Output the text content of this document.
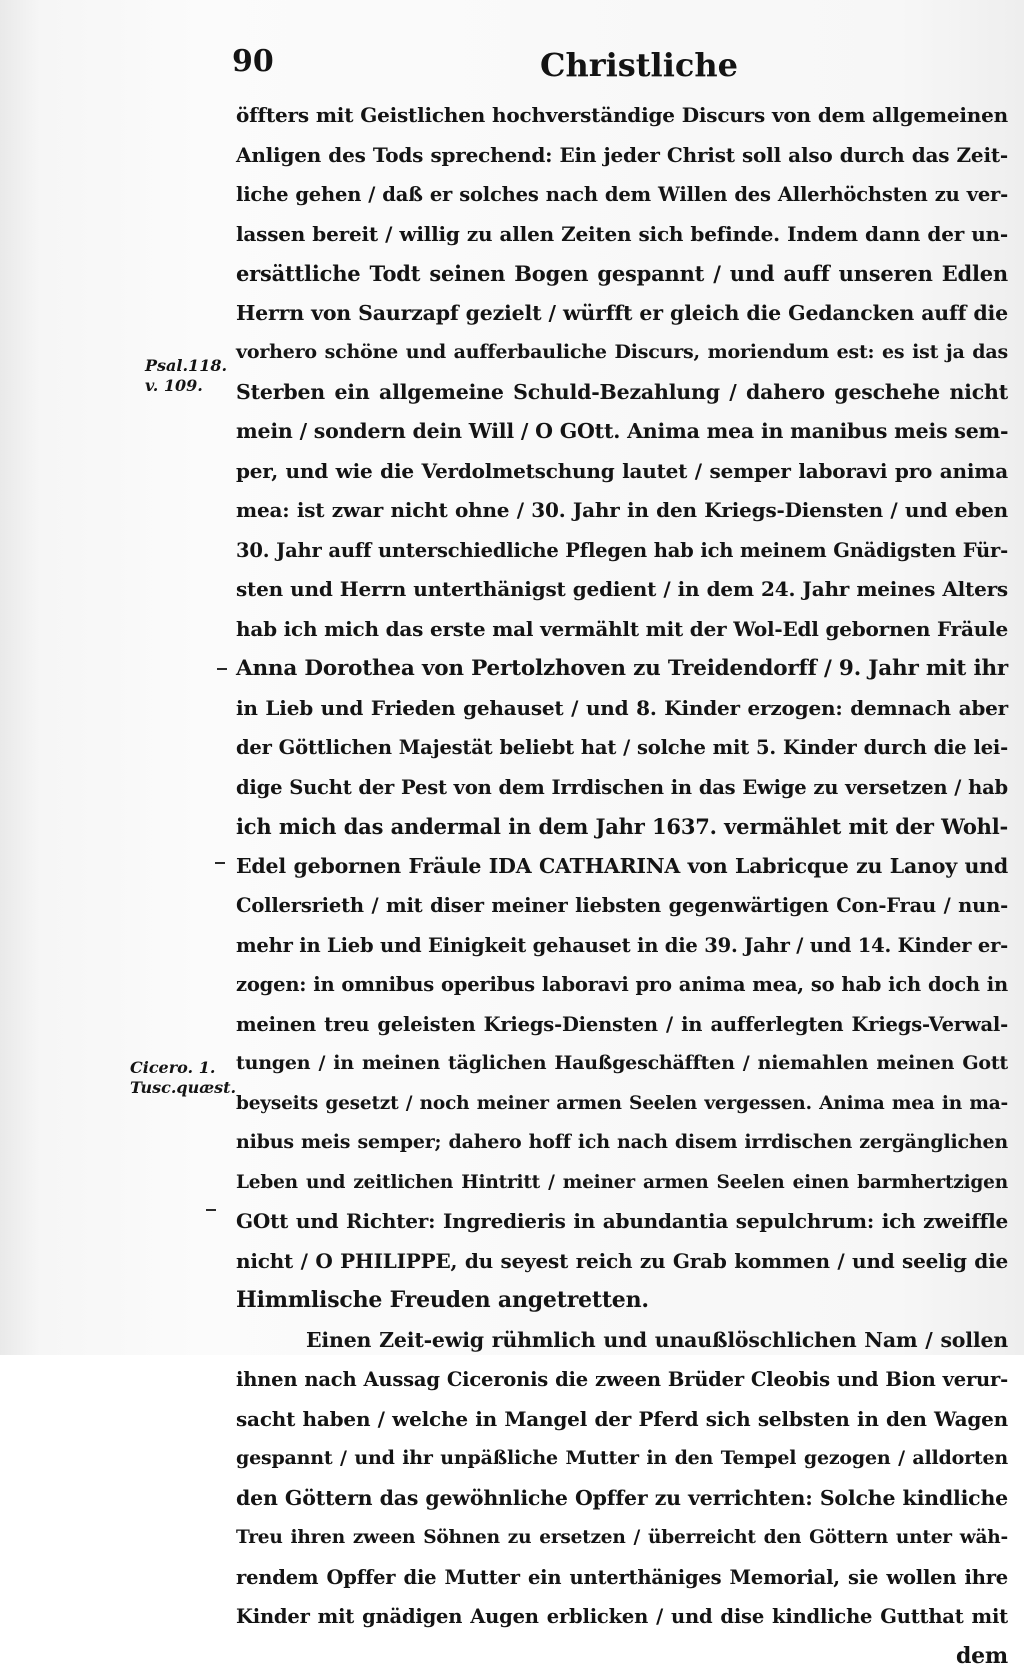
90	Christliche
Psal.118.
v. 109.
Cicero. 1.
Tusc.quæst.
öffters mit Geistlichen hochverständige Discurs von dem allgemeinen
Anligen des Tods sprechend: Ein jeder Christ soll also durch das Zeit-
liche gehen / daß er solches nach dem Willen des Allerhöchsten zu ver-
lassen bereit / willig zu allen Zeiten sich befinde. Indem dann der un-
ersättliche Todt seinen Bogen gespannt / und auff unseren Edlen
Herrn von Saurzapf gezielt / würfft er gleich die Gedancken auff die
vorhero schöne und aufferbauliche Discurs, moriendum est: es ist ja das
Sterben ein allgemeine Schuld-Bezahlung / dahero geschehe nicht
mein / sondern dein Will / O GOtt. Anima mea in manibus meis sem-
per, und wie die Verdolmetschung lautet / semper laboravi pro anima
mea: ist zwar nicht ohne / 30. Jahr in den Kriegs-Diensten / und eben
30. Jahr auff unterschiedliche Pflegen hab ich meinem Gnädigsten Für-
sten und Herrn unterthänigst gedient / in dem 24. Jahr meines Alters
hab ich mich das erste mal vermählt mit der Wol-Edl gebornen Fräule
Anna Dorothea von Pertolzhoven zu Treidendorff / 9. Jahr mit ihr
in Lieb und Frieden gehauset / und 8. Kinder erzogen: demnach aber
der Göttlichen Majestät beliebt hat / solche mit 5. Kinder durch die lei-
dige Sucht der Pest von dem Irrdischen in das Ewige zu versetzen / hab
ich mich das andermal in dem Jahr 1637. vermählet mit der Wohl-
Edel gebornen Fräule IDA CATHARINA von Labricque zu Lanoy und
Collersrieth / mit diser meiner liebsten gegenwärtigen Con-Frau / nun-
mehr in Lieb und Einigkeit gehauset in die 39. Jahr / und 14. Kinder er-
zogen: in omnibus operibus laboravi pro anima mea, so hab ich doch in
meinen treu geleisten Kriegs-Diensten / in aufferlegten Kriegs-Verwal-
tungen / in meinen täglichen Haußgeschäfften / niemahlen meinen Gott
beyseits gesetzt / noch meiner armen Seelen vergessen. Anima mea in ma-
nibus meis semper; dahero hoff ich nach disem irrdischen zergänglichen
Leben und zeitlichen Hintritt / meiner armen Seelen einen barmhertzigen
GOtt und Richter: Ingredieris in abundantia sepulchrum: ich zweiffle
nicht / O PHILIPPE, du seyest reich zu Grab kommen / und seelig die
Himmlische Freuden angetretten.
Einen Zeit-ewig rühmlich und unaußlöschlichen Nam / sollen
ihnen nach Aussag Ciceronis die zween Brüder Cleobis und Bion verur-
sacht haben / welche in Mangel der Pferd sich selbsten in den Wagen
gespannt / und ihr unpäßliche Mutter in den Tempel gezogen / alldorten
den Göttern das gewöhnliche Opffer zu verrichten: Solche kindliche
Treu ihren zween Söhnen zu ersetzen / überreicht den Göttern unter wäh-
rendem Opffer die Mutter ein unterthäniges Memorial, sie wollen ihre
Kinder mit gnädigen Augen erblicken / und dise kindliche Gutthat mit
dem
